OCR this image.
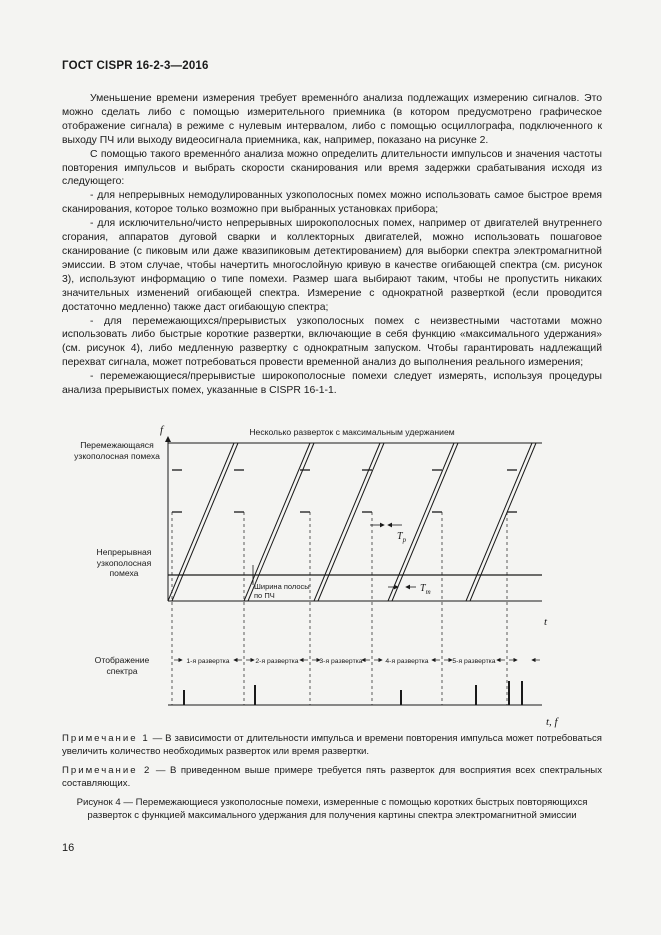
ГОСТ CISPR 16-2-3—2016

Уменьшение времени измерения требует временно́го анализа подлежащих измерению сигналов. Это можно сделать либо с помощью измерительного приемника (в котором предусмотрено графическое отображение сигнала) в режиме с нулевым интервалом, либо с помощью осциллографа, подключенного к выходу ПЧ или выходу видеосигнала приемника, как, например, показано на рисунке 2.

С помощью такого временно́го анализа можно определить длительности импульсов и значения частоты повторения импульсов и выбрать скорости сканирования или время задержки срабатывания исходя из следующего:

- для непрерывных немодулированных узкополосных помех можно использовать самое быстрое время сканирования, которое только возможно при выбранных установках прибора;

- для исключительно/чисто непрерывных широкополосных помех, например от двигателей внутреннего сгорания, аппаратов дуговой сварки и коллекторных двигателей, можно использовать пошаговое сканирование (с пиковым или даже квазипиковым детектированием) для выборки спектра электромагнитной эмиссии. В этом случае, чтобы начертить многослойную кривую в качестве огибающей спектра (см. рисунок 3), используют информацию о типе помехи. Размер шага выбирают таким, чтобы не пропустить никаких значительных изменений огибающей спектра. Измерение с однократной разверткой (если проводится достаточно медленно) также даст огибающую спектра;

- для перемежающихся/прерывистых узкополосных помех с неизвестными частотами можно использовать либо быстрые короткие развертки, включающие в себя функцию «максимального удержания» (см. рисунок 4), либо медленную развертку с однократным запуском. Чтобы гарантировать надлежащий перехват сигнала, может потребоваться провести временной анализ до выполнения реального измерения;

- перемежающиеся/прерывистые широкополосные помехи следует измерять, используя процедуры анализа прерывистых помех, указанные в CISPR 16-1-1.

$T_p$
$T_m$
f
t
1-я развертка	2-я развертка	3-я развертка	4-я развертка	5-я развертка
t, f
Несколько разверток с максимальным удержанием
Перемежающаяся узкополосная помеха
Непрерывная узкополосная помеха
Ширина полосы по ПЧ
Отображение спектра
Примечание 1 — В зависимости от длительности импульса и времени повторения импульса может потребоваться увеличить количество необходимых разверток или время развертки.
Примечание 2 — В приведенном выше примере требуется пять разверток для восприятия всех спектральных составляющих.
Рисунок 4 — Перемежающиеся узкополосные помехи, измеренные с помощью коротких быстрых повторяющихся разверток с функцией максимального удержания для получения картины спектра электромагнитной эмиссии
16
